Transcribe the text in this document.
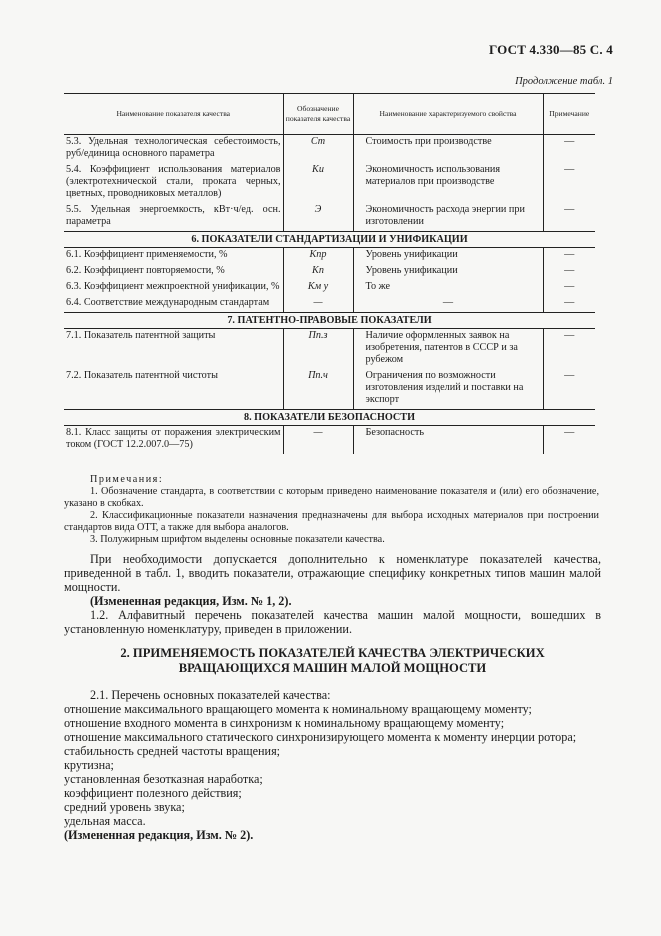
ГОСТ 4.330—85 С. 4
Продолжение табл. 1
Наименование показателя качества	Обозначение показателя качества	Наименование характеризуемого свойства	Примечание
5.3. Удельная технологическая себестоимость, руб/единица основного параметра	Cт	Стоимость при производстве	—
5.4. Коэффициент использования материалов (электротехнической стали, проката черных, цветных, проводниковых металлов)	Kи	Экономичность использования материалов при производстве	—
5.5. Удельная энергоемкость, кВт·ч/ед. осн. параметра	Э	Экономичность расхода энергии при изготовлении	—
6. ПОКАЗАТЕЛИ СТАНДАРТИЗАЦИИ И УНИФИКАЦИИ			
6.1. Коэффициент применяемости, %	Kпр	Уровень унификации	—
6.2. Коэффициент повторяемости, %	Kп	Уровень унификации	—
6.3. Коэффициент межпроектной унификации, %	Kм у	То же	—
6.4. Соответствие международным стандартам	—	—	—
7. ПАТЕНТНО-ПРАВОВЫЕ ПОКАЗАТЕЛИ			
7.1. Показатель патентной защиты	Пп.з	Наличие оформленных заявок на изобретения, патентов в СССР и за рубежом	—
7.2. Показатель патентной чистоты	Пп.ч	Ограничения по возможности изготовления изделий и поставки на экспорт	—
8. ПОКАЗАТЕЛИ БЕЗОПАСНОСТИ			
8.1. Класс защиты от поражения электрическим током (ГОСТ 12.2.007.0—75)	—	Безопасность	—
Примечания:

1. Обозначение стандарта, в соответствии с которым приведено наименование показателя и (или) его обозначение, указано в скобках.

2. Классификационные показатели назначения предназначены для выбора исходных материалов при построении стандартов вида ОТТ, а также для выбора аналогов.

3. Полужирным шрифтом выделены основные показатели качества.

При необходимости допускается дополнительно к номенклатуре показателей качества, приведенной в табл. 1, вводить показатели, отражающие специфику конкретных типов машин малой мощности.

(Измененная редакция, Изм. № 1, 2).

1.2. Алфавитный перечень показателей качества машин малой мощности, вошедших в установленную номенклатуру, приведен в приложении.

2. ПРИМЕНЯЕМОСТЬ ПОКАЗАТЕЛЕЙ КАЧЕСТВА ЭЛЕКТРИЧЕСКИХ ВРАЩАЮЩИХСЯ МАШИН МАЛОЙ МОЩНОСТИ

2.1. Перечень основных показателей качества:

отношение максимального вращающего момента к номинальному вращающему моменту;

отношение входного момента в синхронизм к номинальному вращающему моменту;

отношение максимального статического синхронизирующего момента к моменту инерции ротора;

стабильность средней частоты вращения;

крутизна;

установленная безотказная наработка;

коэффициент полезного действия;

средний уровень звука;

удельная масса.

(Измененная редакция, Изм. № 2).
